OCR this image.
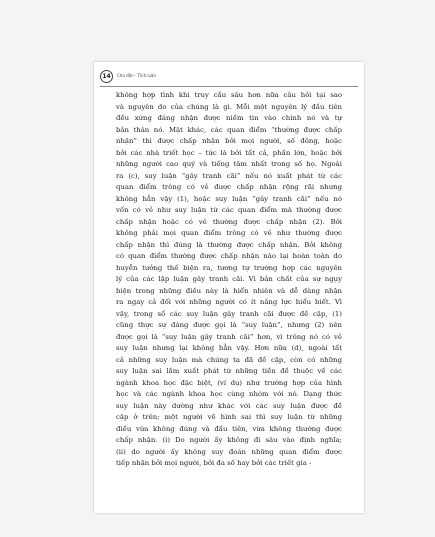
14	Chú dẫn · Tĩnh luận
không hợp tình khi truy cầu sâu hơn nữa câu hỏi tại sao
và nguyên do của chúng là gì. Mỗi một nguyên lý đầu tiên
đều xứng đáng nhận được niềm tin vào chính nó và tự
bản thân nó. Mặt khác, các quan điểm “thường được chấp
nhận” thì được chấp nhận bởi mọi người, số đông, hoặc
bởi các nhà triết học – tức là bởi tất cả, phần lớn, hoặc bởi
những người cao quý và tiếng tăm nhất trong số họ. Ngoài
ra (c), suy luận “gây tranh cãi” nếu nó xuất phát từ các
quan điểm trông có vẻ được chấp nhận rộng rãi nhưng
không hẳn vậy (1), hoặc suy luận “gây tranh cãi” nếu nó
vốn có vẻ như suy luận từ các quan điểm mà thường được
chấp nhận hoặc có vẻ thường được chấp nhận (2). Bởi
không phải mọi quan điểm trông có vẻ như thường được
chấp nhận thì đúng là thường được chấp nhận. Bởi không
có quan điểm thường được chấp nhận nào lại hoàn toàn do
huyễn tưởng thế biện ra, tương tự trường hợp các nguyên
lý của các lập luận gây tranh cãi. Vì bản chất của sự ngụy
biện trong những điều này là hiển nhiên và dễ dàng nhận
ra ngay cả đối với những người có ít năng lực hiểu biết. Vì
vậy, trong số các suy luận gây tranh cãi được đề cập, (1)
cũng thực sự đáng được gọi là “suy luận”, nhưng (2) nên
được gọi là “suy luận gây tranh cãi” hơn, vì trông nó có vẻ
suy luận nhưng lại không hẳn vậy. Hơn nữa (d), ngoài tất
cả những suy luận mà chúng ta đã đề cập, còn có những
suy luận sai lầm xuất phát từ những tiền đề thuộc về các
ngành khoa học đặc biệt, (ví dụ) như trường hợp của hình
học và các ngành khoa học cùng nhóm với nó. Dạng thức
suy luận này dường như khác với các suy luận được đề
cập ở trên; một người vẽ hình sai thì suy luận từ những
điều vừa không đúng và đầu tiên, vừa không thường được
chấp nhận. (i) Do người ấy không đi sâu vào định nghĩa;
(ii) do người ấy không suy đoán những quan điểm được
tiếp nhận bởi mọi người, bởi đa số hay bởi các triết gia -
